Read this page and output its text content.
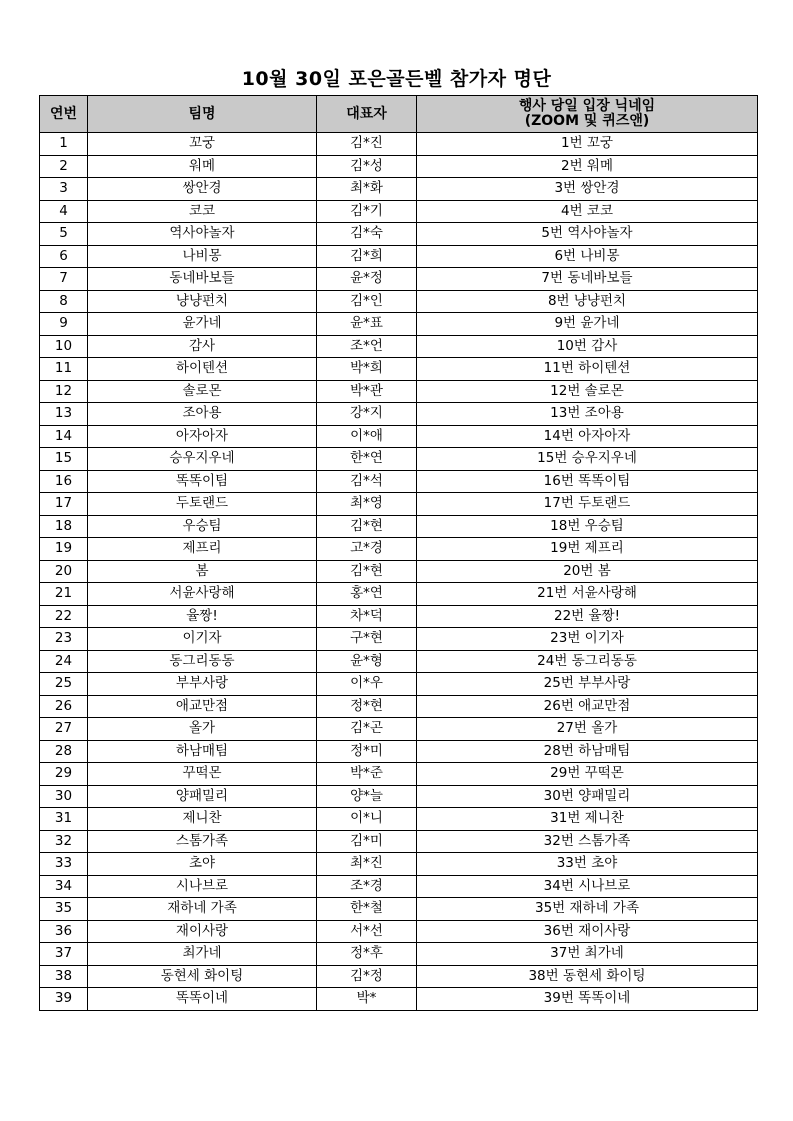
10월 30일 포은골든벨 참가자 명단
연번	팀명	대표자	행사 당일 입장 닉네임
(ZOOM 및 퀴즈앤)

1	꼬궁	김*진	1번 꼬궁
2	워메	김*성	2번 워메
3	쌍안경	최*화	3번 쌍안경
4	코코	김*기	4번 코코
5	역사야놀자	김*숙	5번 역사야놀자
6	나비몽	김*희	6번 나비몽
7	동네바보들	윤*정	7번 동네바보들
8	냥냥펀치	김*인	8번 냥냥펀치
9	윤가네	윤*표	9번 윤가네
10	감사	조*언	10번 감사
11	하이텐션	박*희	11번 하이텐션
12	솔로몬	박*관	12번 솔로몬
13	조아용	강*지	13번 조아용
14	아자아자	이*애	14번 아자아자
15	승우지우네	한*연	15번 승우지우네
16	똑똑이팀	김*석	16번 똑똑이팀
17	두토랜드	최*영	17번 두토랜드
18	우승팀	김*현	18번 우승팀
19	제프리	고*경	19번 제프리
20	봄	김*현	20번 봄
21	서윤사랑해	홍*연	21번 서윤사랑해
22	율짱!	차*덕	22번 율짱!
23	이기자	구*현	23번 이기자
24	동그리동동	윤*형	24번 동그리동동
25	부부사랑	이*우	25번 부부사랑
26	애교만점	정*현	26번 애교만점
27	올가	김*곤	27번 올가
28	하남매팀	정*미	28번 하남매팀
29	꾸떡몬	박*준	29번 꾸떡몬
30	양패밀리	양*늘	30번 양패밀리
31	제니찬	이*니	31번 제니찬
32	스톰가족	김*미	32번 스톰가족
33	초야	최*진	33번 초야
34	시나브로	조*경	34번 시나브로
35	재하네 가족	한*철	35번 재하네 가족
36	재이사랑	서*선	36번 재이사랑
37	최가네	정*후	37번 최가네
38	동현세 화이팅	김*정	38번 동현세 화이팅
39	똑똑이네	박*	39번 똑똑이네
